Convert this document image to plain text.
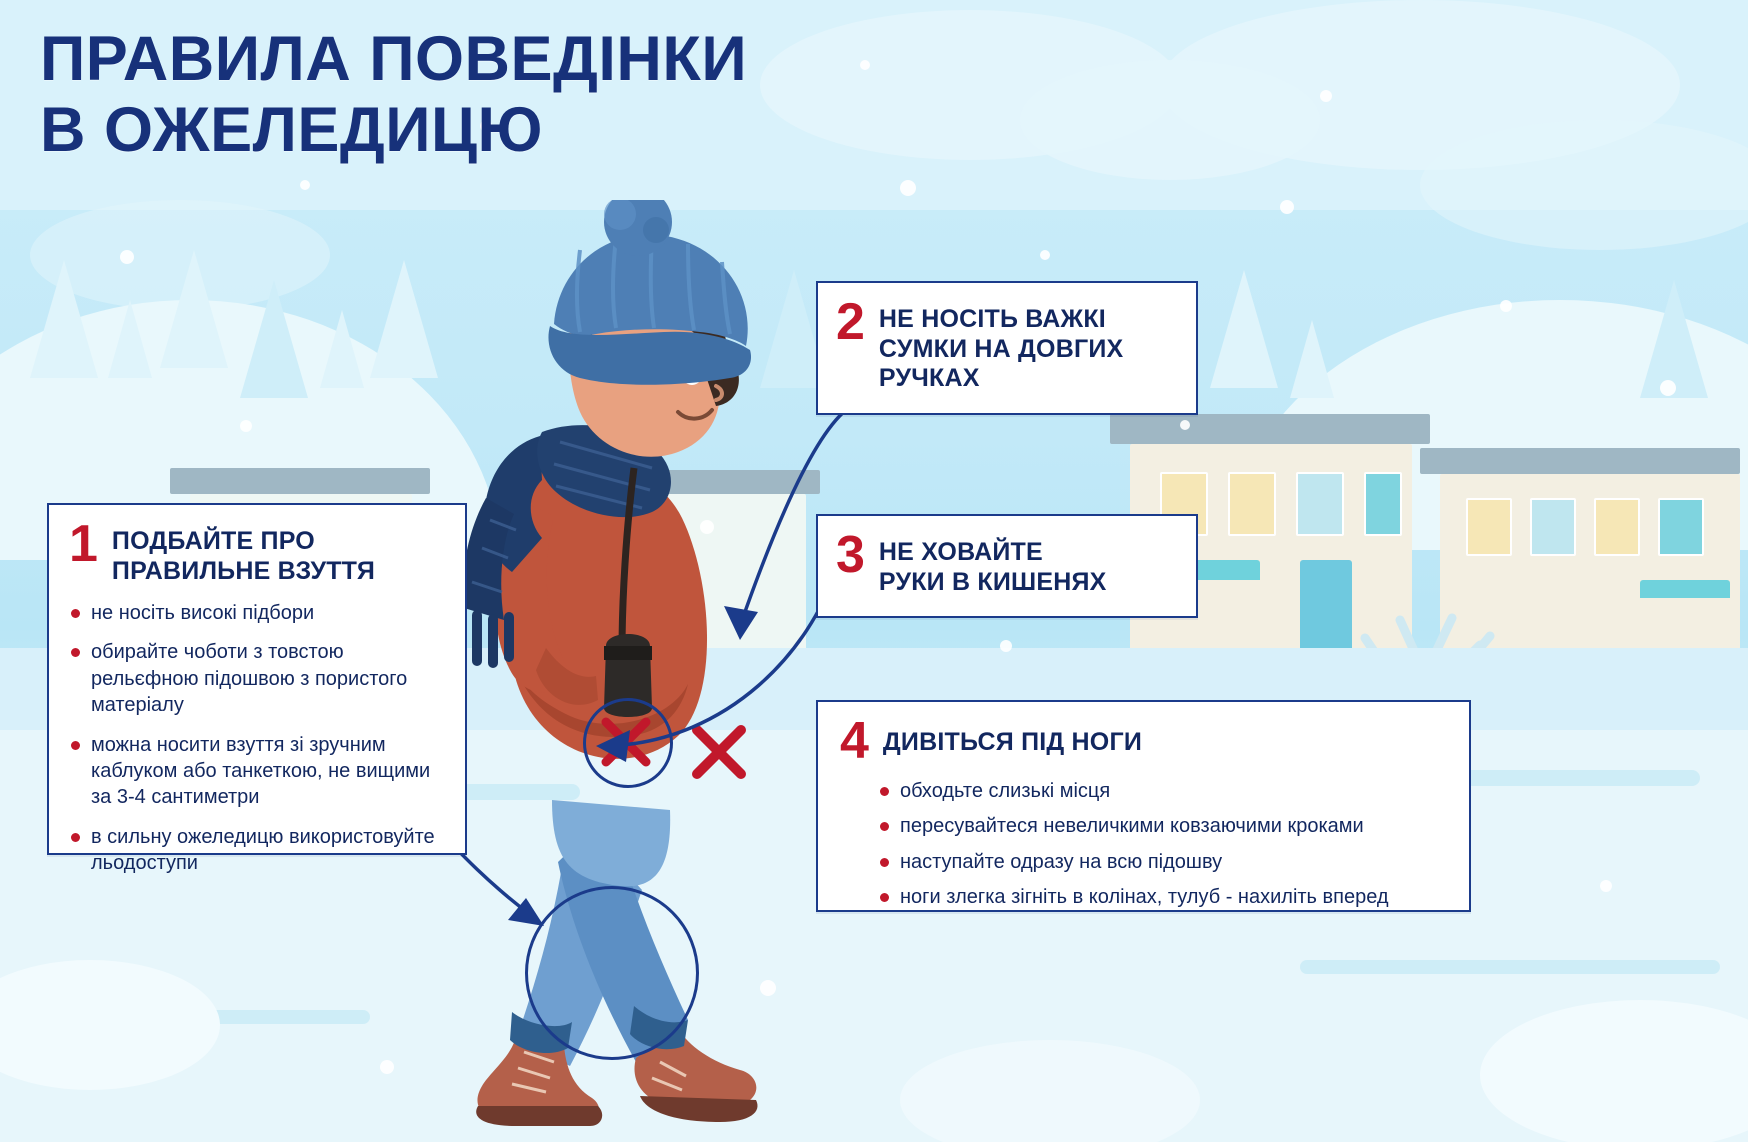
ПРАВИЛА ПОВЕДІНКИ
В ОЖЕЛЕДИЦЮ
1 ПОДБАЙТЕ ПРО
ПРАВИЛЬНЕ ВЗУТТЯ
не носіть високі підбори
обирайте чоботи з товстою рельєфною підошвою з пористого матеріалу
можна носити взуття зі зручним каблуком або танкеткою, не вищими за 3-4 сантиметри
в сильну ожеледицю використовуйте льодоступи
2 НЕ НОСІТЬ ВАЖКІ
СУМКИ НА ДОВГИХ
РУЧКАХ
3 НЕ ХОВАЙТЕ
РУКИ В КИШЕНЯХ
4 ДИВІТЬСЯ ПІД НОГИ
обходьте слизькі місця
пересувайтеся невеличкими ковзаючими кроками
наступайте одразу на всю підошву
ноги злегка зігніть в колінах, тулуб - нахиліть вперед
